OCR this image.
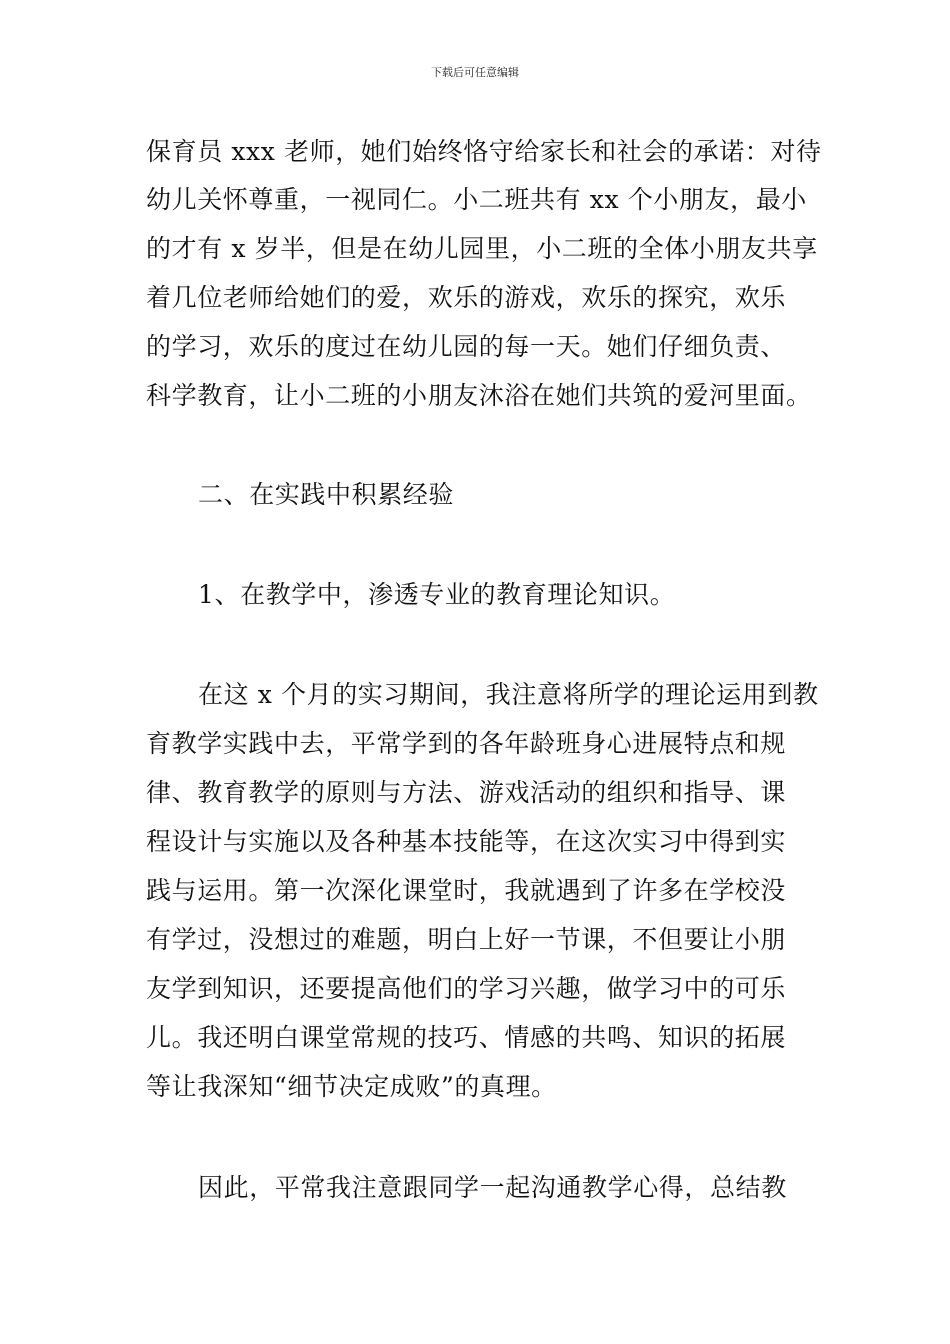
下载后可任意编辑
保育员 xxx 老师，她们始终恪守给家长和社会的承诺：对待
幼儿关怀尊重，一视同仁。小二班共有 xx 个小朋友，最小
的才有 x 岁半，但是在幼儿园里，小二班的全体小朋友共享
着几位老师给她们的爱，欢乐的游戏，欢乐的探究，欢乐
的学习，欢乐的度过在幼儿园的每一天。她们仔细负责、
科学教育，让小二班的小朋友沐浴在她们共筑的爱河里面。
二、在实践中积累经验
1、在教学中，渗透专业的教育理论知识。
在这 x 个月的实习期间，我注意将所学的理论运用到教
育教学实践中去，平常学到的各年龄班身心进展特点和规
律、教育教学的原则与方法、游戏活动的组织和指导、课
程设计与实施以及各种基本技能等，在这次实习中得到实
践与运用。第一次深化课堂时，我就遇到了许多在学校没
有学过，没想过的难题，明白上好一节课，不但要让小朋
友学到知识，还要提高他们的学习兴趣，做学习中的可乐
儿。我还明白课堂常规的技巧、情感的共鸣、知识的拓展
等让我深知“细节决定成败”的真理。
因此，平常我注意跟同学一起沟通教学心得，总结教
